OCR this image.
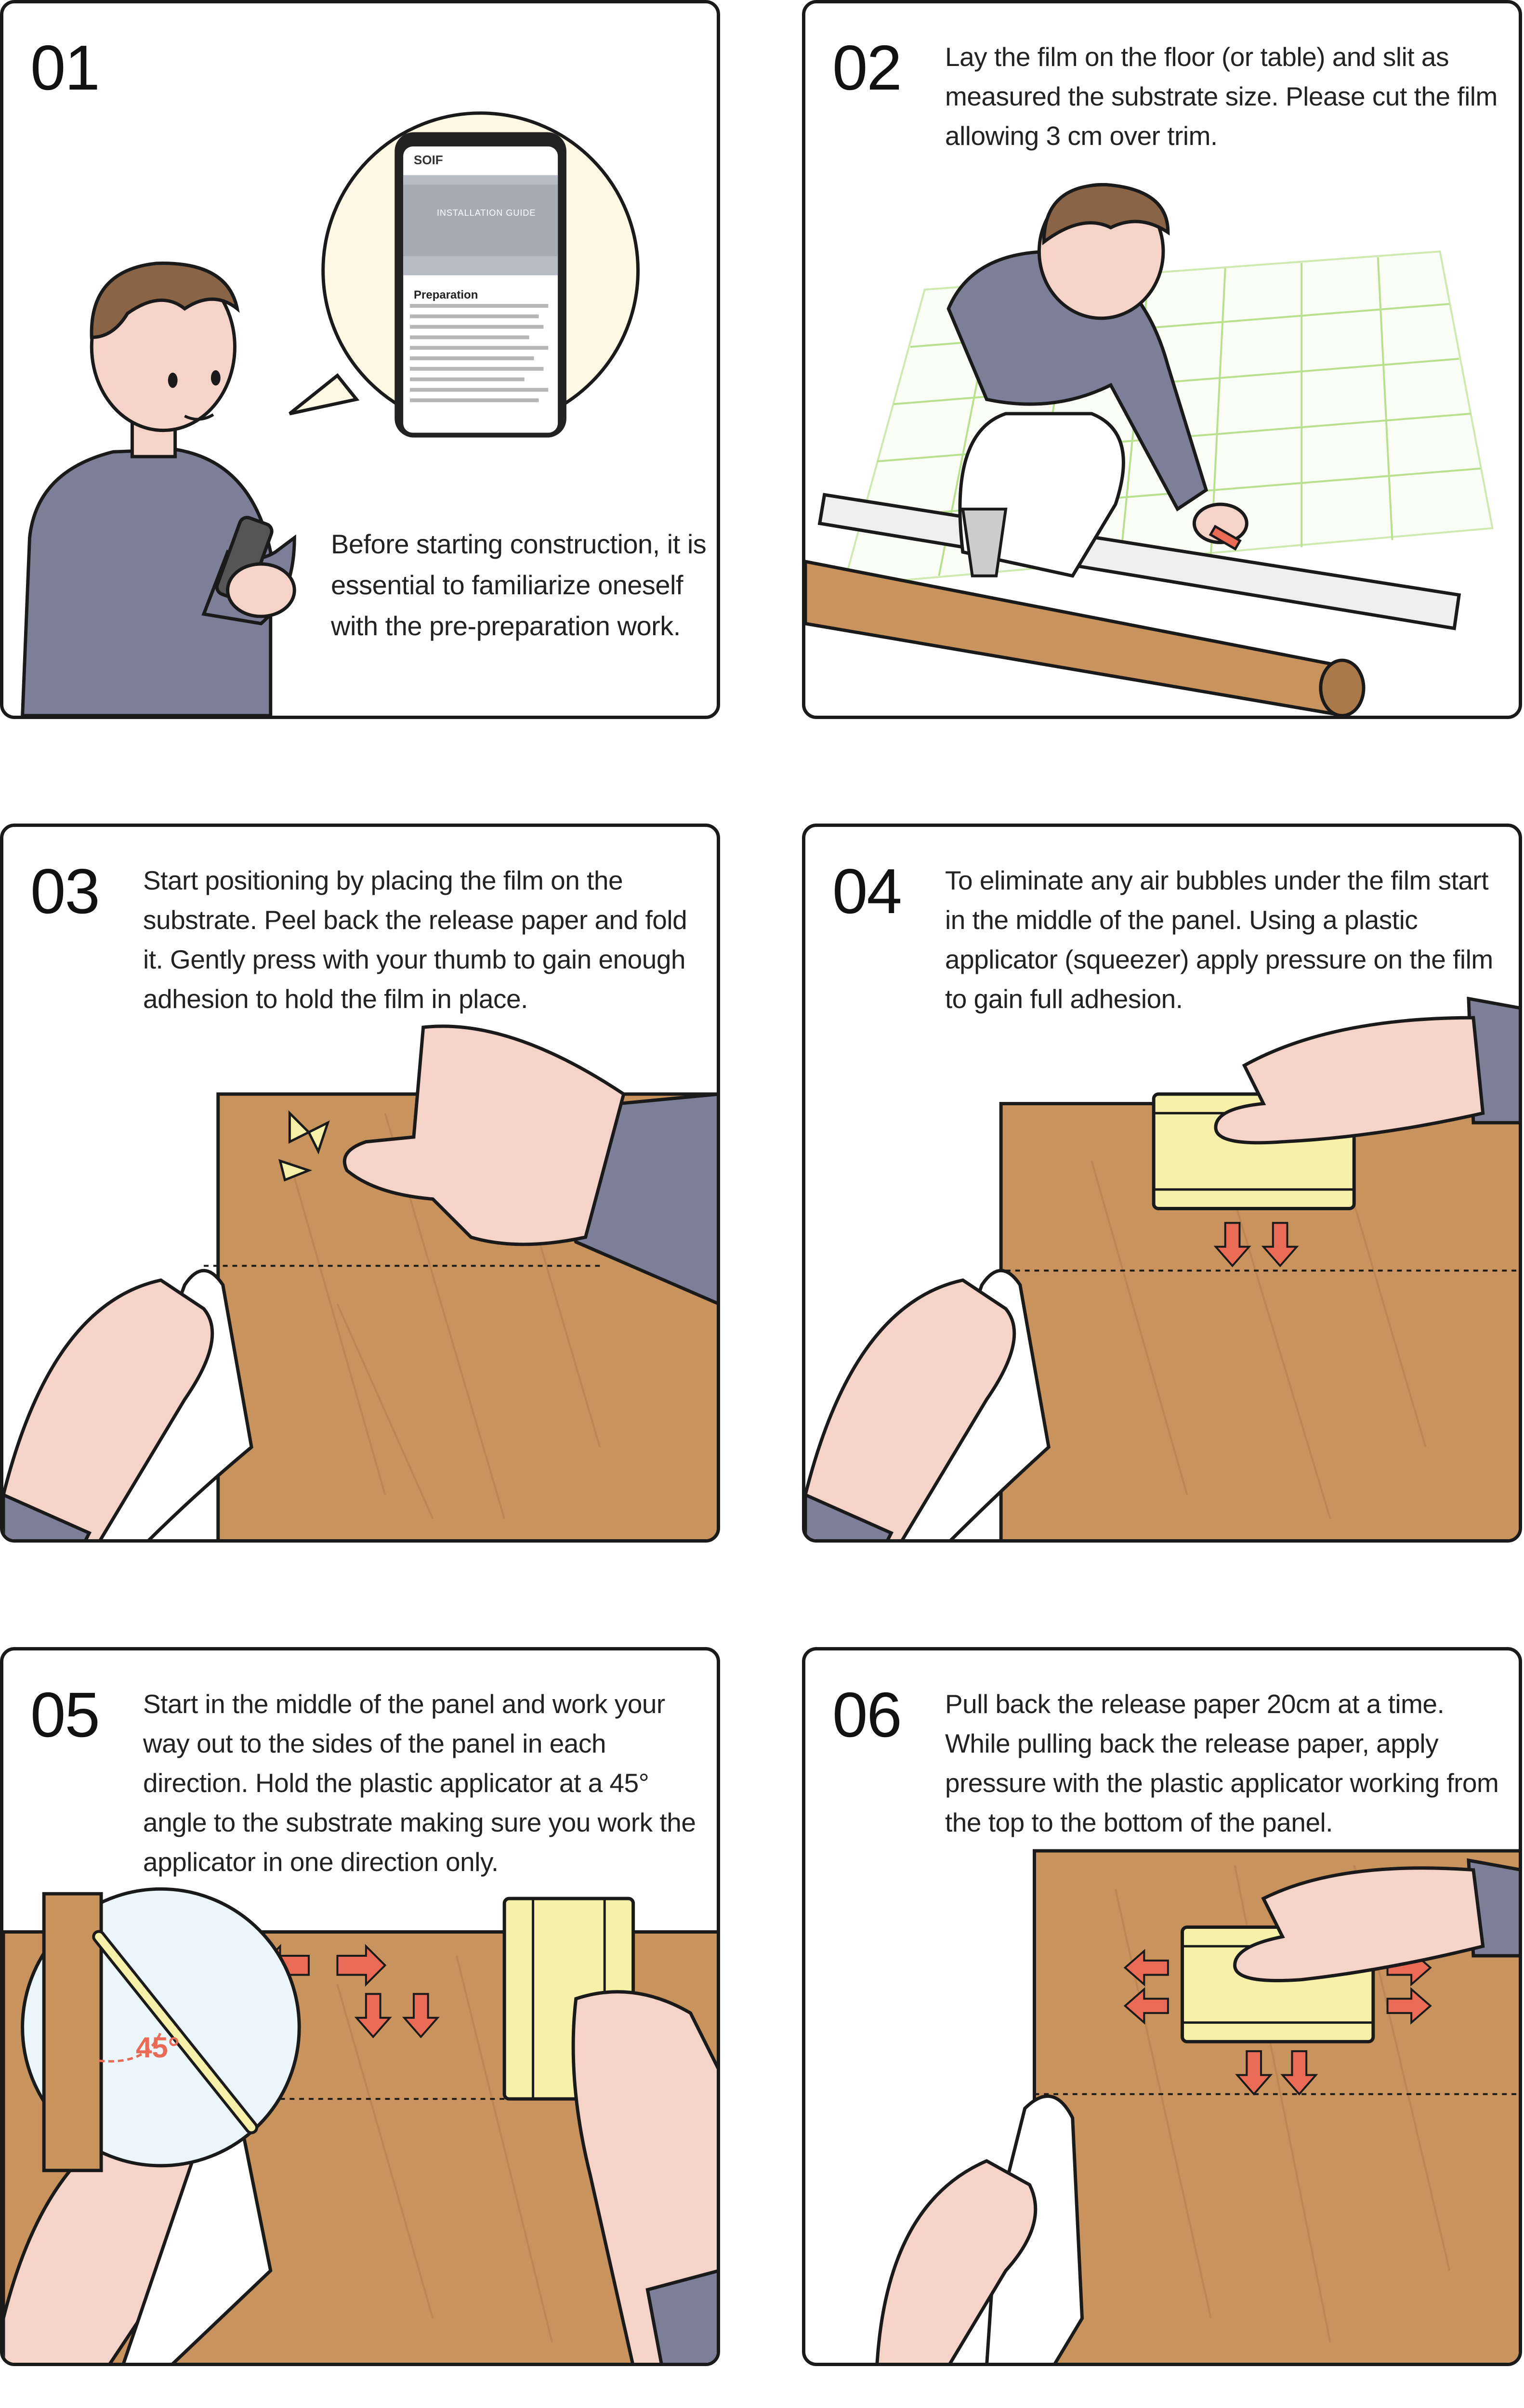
01
SOIF
INSTALLATION GUIDE
Preparation
Before starting construction, it is essential to familiarize oneself with the pre-preparation work.
02 Lay the film on the floor (or table) and slit as measured the substrate size. Please cut the film allowing 3 cm over trim.
03 Start positioning by placing the film on the substrate. Peel back the release paper and fold it. Gently press with your thumb to gain enough adhesion to hold the film in place.
04 To eliminate any air bubbles under the film start in the middle of the panel. Using a plastic applicator (squeezer) apply pressure on the film to gain full adhesion.
05
45°
Start in the middle of the panel and work your way out to the sides of the panel in each direction. Hold the plastic applicator at a 45° angle to the substrate making sure you work the applicator in one direction only.
06 Pull back the release paper 20cm at a time. While pulling back the release paper, apply pressure with the plastic applicator working from the top to the bottom of the panel.
